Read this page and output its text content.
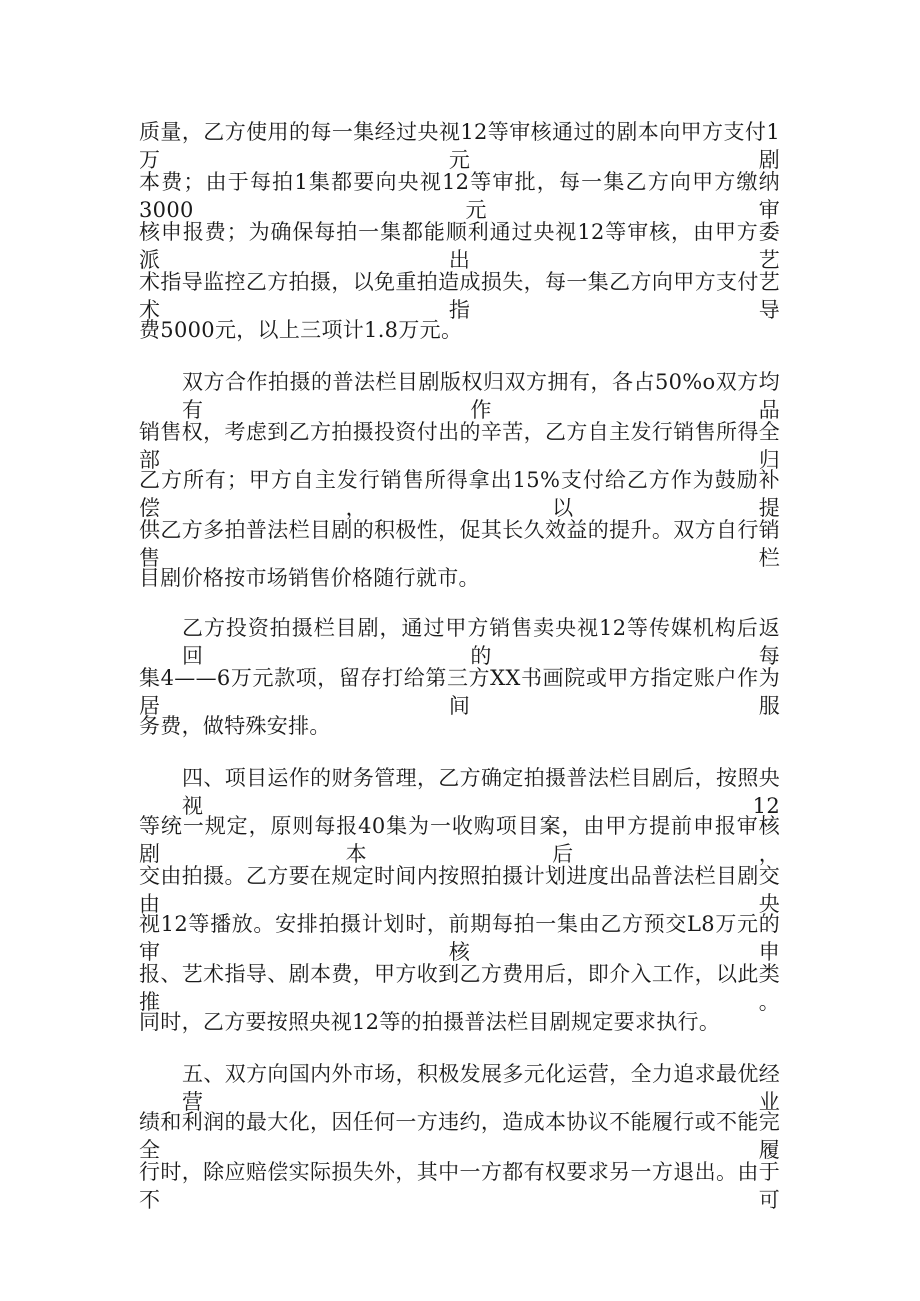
质量，乙方使用的每一集经过央视12等审核通过的剧本向甲方支付1万元剧
本费；由于每拍1集都要向央视12等审批，每一集乙方向甲方缴纳3000元审
核申报费；为确保每拍一集都能顺利通过央视12等审核，由甲方委派出艺
术指导监控乙方拍摄，以免重拍造成损失，每一集乙方向甲方支付艺术指导
费5000元，以上三项计1.8万元。
双方合作拍摄的普法栏目剧版权归双方拥有，各占50%o双方均有作品
销售权，考虑到乙方拍摄投资付出的辛苦，乙方自主发行销售所得全部归
乙方所有；甲方自主发行销售所得拿出15%支付给乙方作为鼓励补偿，以提
供乙方多拍普法栏目剧的积极性，促其长久效益的提升。双方自行销售栏
目剧价格按市场销售价格随行就市。
乙方投资拍摄栏目剧，通过甲方销售卖央视12等传媒机构后返回的每
集4——6万元款项，留存打给第三方XX书画院或甲方指定账户作为居间服
务费，做特殊安排。
四、项目运作的财务管理，乙方确定拍摄普法栏目剧后，按照央视12
等统一规定，原则每报40集为一收购项目案，由甲方提前申报审核剧本后，
交由拍摄。乙方要在规定时间内按照拍摄计划进度出品普法栏目剧交由央
视12等播放。安排拍摄计划时，前期每拍一集由乙方预交L8万元的审核申
报、艺术指导、剧本费，甲方收到乙方费用后，即介入工作，以此类推。
同时，乙方要按照央视12等的拍摄普法栏目剧规定要求执行。
五、双方向国内外市场，积极发展多元化运营，全力追求最优经营业
绩和利润的最大化，因任何一方违约，造成本协议不能履行或不能完全履
行时，除应赔偿实际损失外，其中一方都有权要求另一方退出。由于不可
